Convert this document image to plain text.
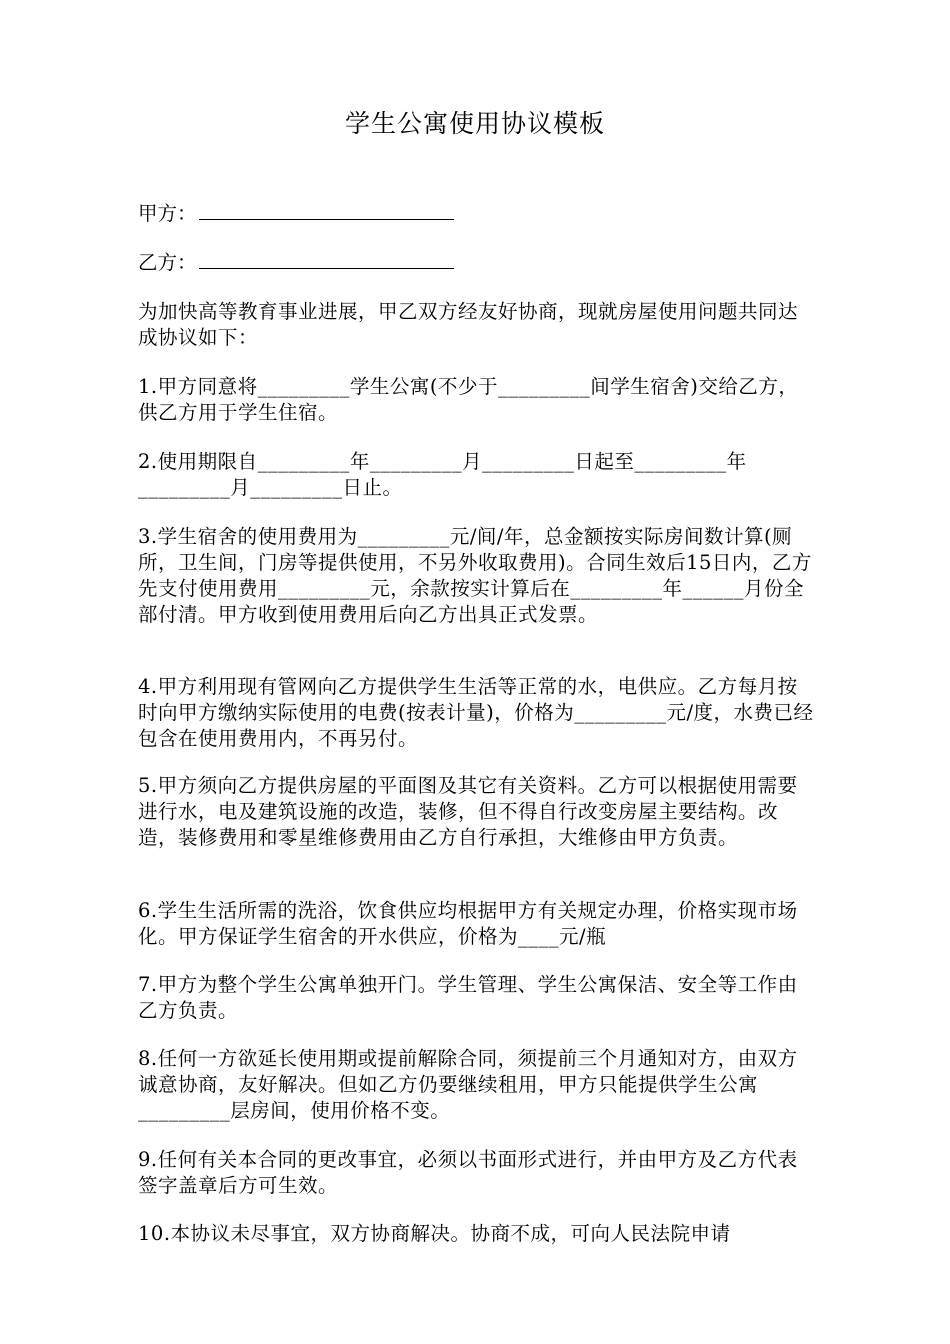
学生公寓使用协议模板
甲方：
乙方：
为加快高等教育事业进展，甲乙双方经友好协商，现就房屋使用问题共同达成协议如下：
1.甲方同意将_________学生公寓(不少于_________间学生宿舍)交给乙方，供乙方用于学生住宿。
2.使用期限自_________年_________月_________日起至_________年_________月_________日止。
3.学生宿舍的使用费用为_________元/间/年，总金额按实际房间数计算(厕所，卫生间，门房等提供使用，不另外收取费用)。合同生效后15日内，乙方先支付使用费用_________元，余款按实计算后在_________年______月份全部付清。甲方收到使用费用后向乙方出具正式发票。
4.甲方利用现有管网向乙方提供学生生活等正常的水，电供应。乙方每月按时向甲方缴纳实际使用的电费(按表计量)，价格为_________元/度，水费已经包含在使用费用内，不再另付。
5.甲方须向乙方提供房屋的平面图及其它有关资料。乙方可以根据使用需要进行水，电及建筑设施的改造，装修，但不得自行改变房屋主要结构。改造，装修费用和零星维修费用由乙方自行承担，大维修由甲方负责。
6.学生生活所需的洗浴，饮食供应均根据甲方有关规定办理，价格实现市场化。甲方保证学生宿舍的开水供应，价格为____元/瓶
7.甲方为整个学生公寓单独开门。学生管理、学生公寓保洁、安全等工作由乙方负责。
8.任何一方欲延长使用期或提前解除合同，须提前三个月通知对方，由双方诚意协商，友好解决。但如乙方仍要继续租用，甲方只能提供学生公寓_________层房间，使用价格不变。
9.任何有关本合同的更改事宜，必须以书面形式进行，并由甲方及乙方代表签字盖章后方可生效。
10.本协议未尽事宜，双方协商解决。协商不成，可向人民法院申请
